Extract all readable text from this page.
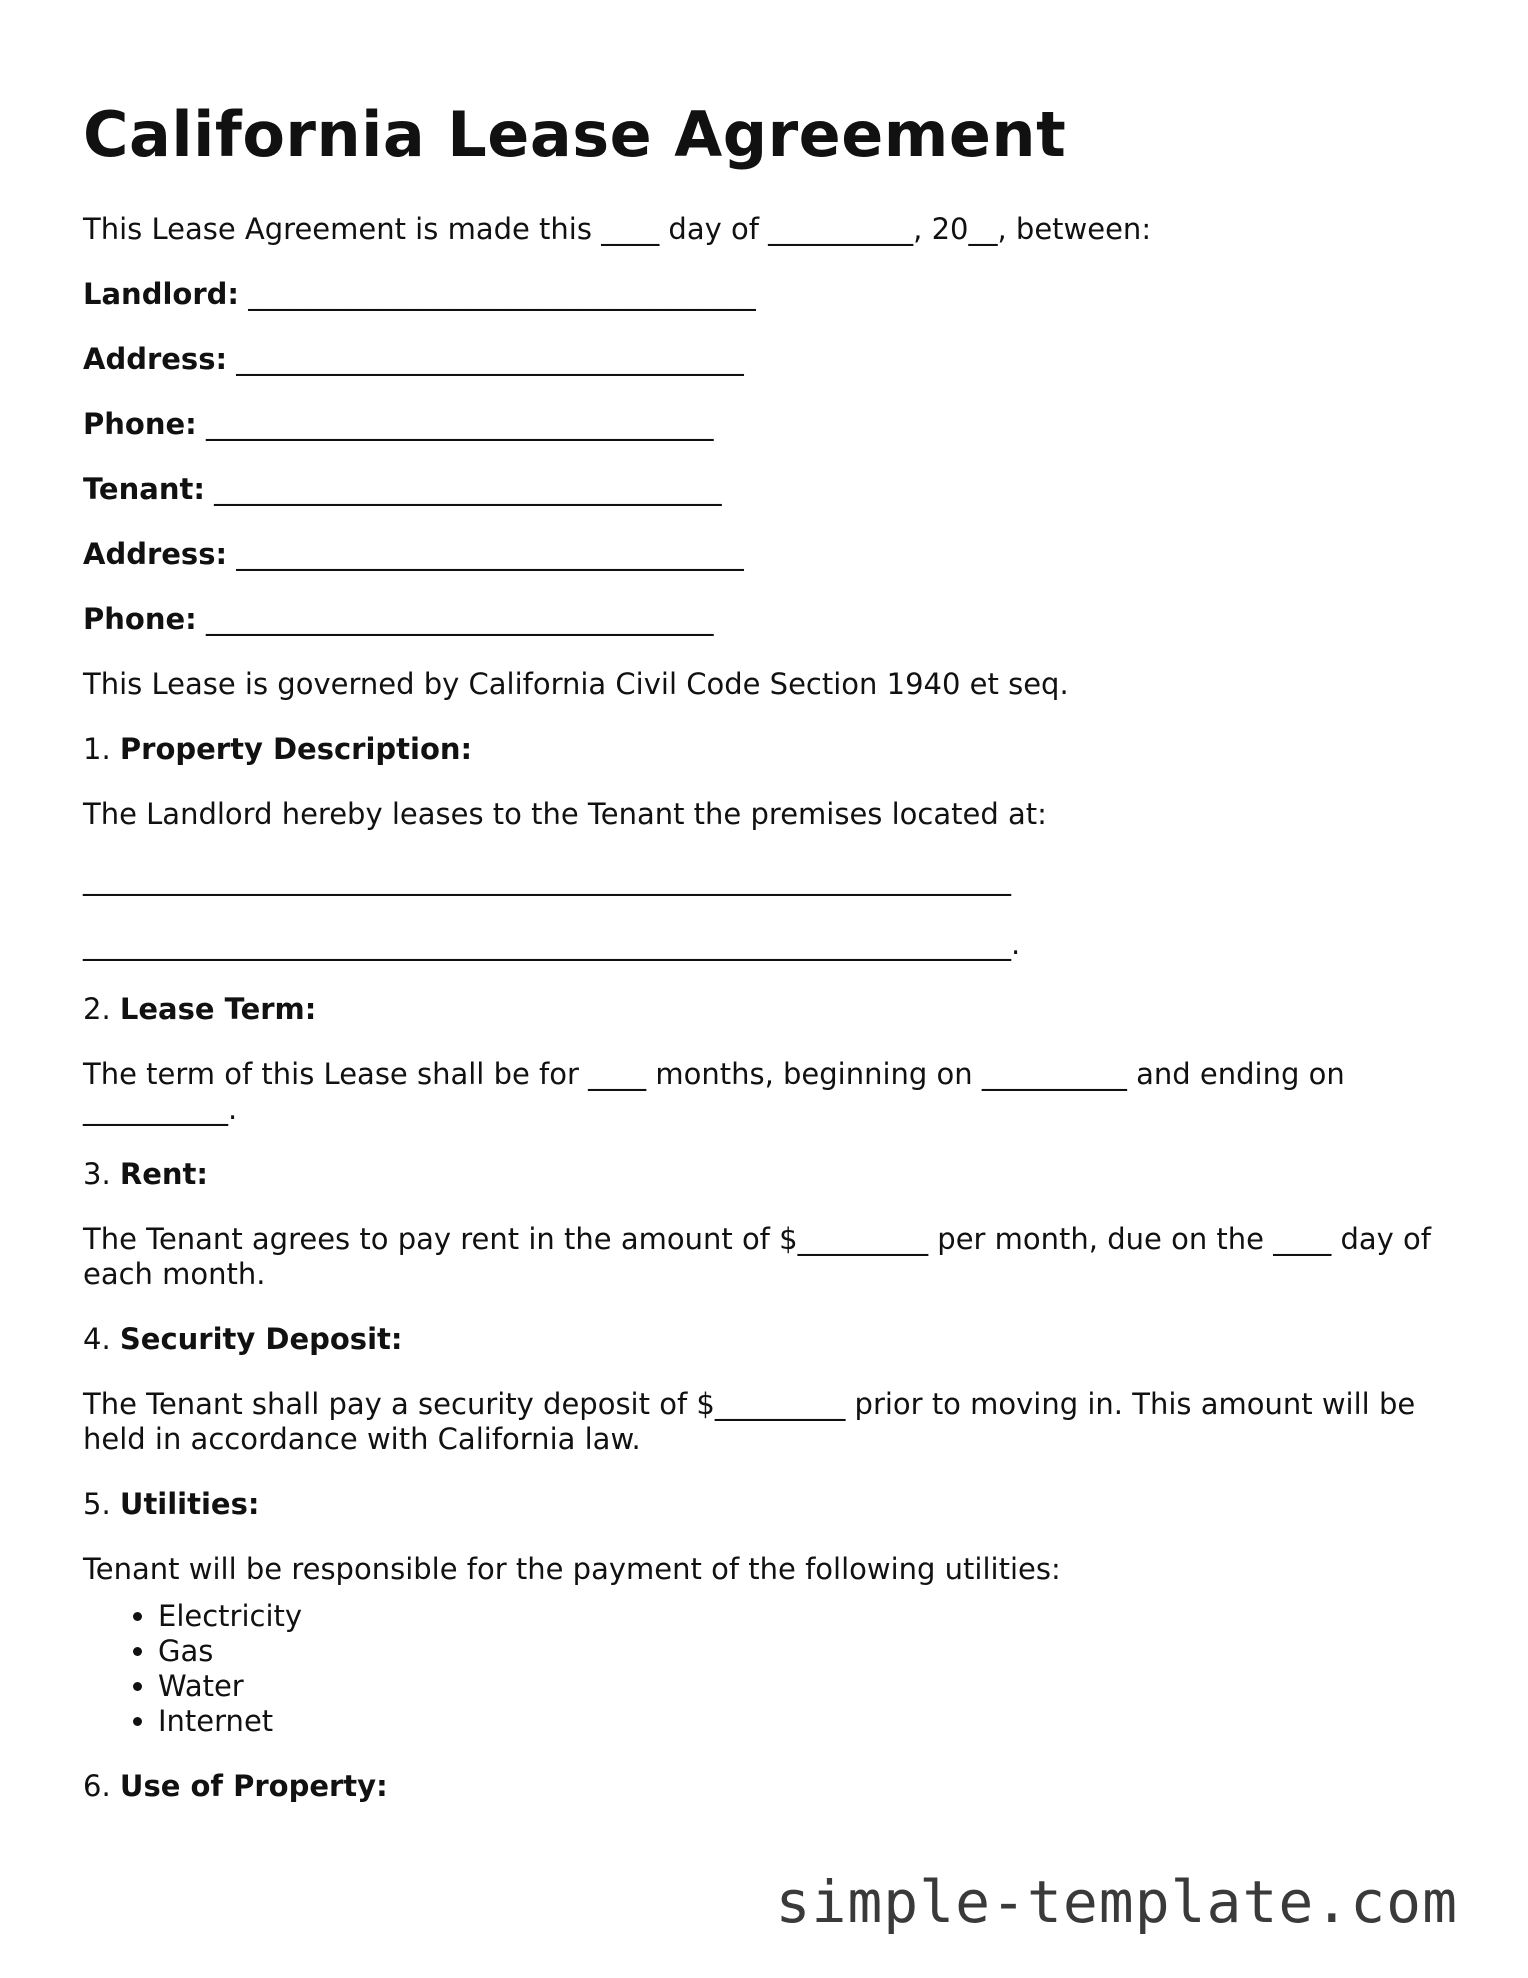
California Lease Agreement

This Lease Agreement is made this ____ day of __________, 20__, between:

Landlord: ___________________________________

Address: ___________________________________

Phone: ___________________________________

Tenant: ___________________________________

Address: ___________________________________

Phone: ___________________________________

This Lease is governed by California Civil Code Section 1940 et seq.

1. Property Description:

The Landlord hereby leases to the Tenant the premises located at:

________________________________________________________________
________________________________________________________________.

2. Lease Term:

The term of this Lease shall be for ____ months, beginning on __________ and ending on __________.

3. Rent:

The Tenant agrees to pay rent in the amount of $_________ per month, due on the ____ day of each month.

4. Security Deposit:

The Tenant shall pay a security deposit of $_________ prior to moving in. This amount will be held in accordance with California law.

5. Utilities:

Tenant will be responsible for the payment of the following utilities:

• Electricity
• Gas
• Water
• Internet

6. Use of Property:

simple-template.com
